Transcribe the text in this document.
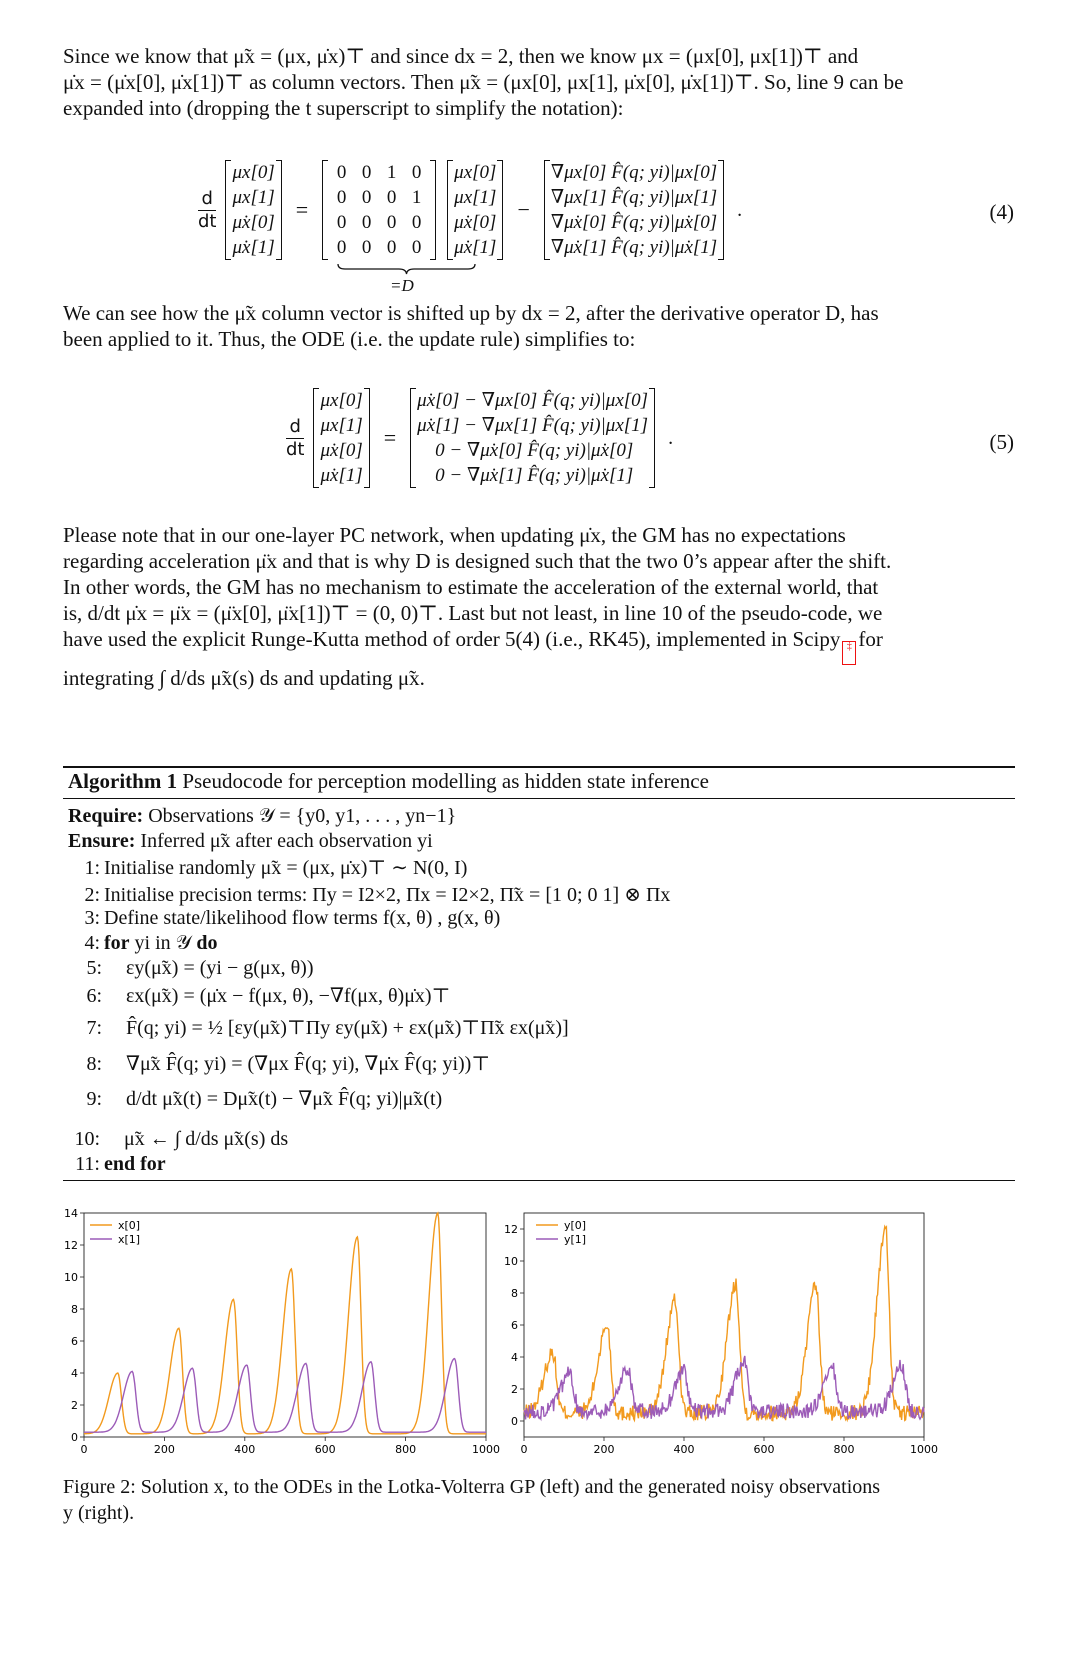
Since we know that μ̃x = (μx, μ̇x)⊤ and since dx = 2, then we know μx = (μx[0], μx[1])⊤ and
μ̇x = (μ̇x[0], μ̇x[1])⊤ as column vectors. Then μ̃x = (μx[0], μx[1], μ̇x[0], μ̇x[1])⊤. So, line 9 can be
expanded into (dropping the t superscript to simplify the notation):

$\frac{d}{dt}$

μx[0]
μx[1]
μ̇x[0]
μ̇x[1]
=
0 0 1 0
0 0 0 1
0 0 0 0
0 0 0 0

μx[0]
μx[1]
μ̇x[0]
μ̇x[1]
−
∇μx[0] F̂(q; yi)|μx[0]
∇μx[1] F̂(q; yi)|μx[1]
∇μ̇x[0] F̂(q; yi)|μ̇x[0]
∇μ̇x[1] F̂(q; yi)|μ̇x[1]
.
=D
(4)

We can see how the μ̃x column vector is shifted up by dx = 2, after the derivative operator D, has
been applied to it. Thus, the ODE (i.e. the update rule) simplifies to:

$\frac{d}{dt}$

μx[0]
μx[1]
μ̇x[0]
μ̇x[1]
=
μ̇x[0] − ∇μx[0] F̂(q; yi)|μx[0]
μ̇x[1] − ∇μx[1] F̂(q; yi)|μx[1]
0 − ∇μ̇x[0] F̂(q; yi)|μ̇x[0]
0 − ∇μ̇x[1] F̂(q; yi)|μ̇x[1]
.	(5)

Please note that in our one-layer PC network, when updating μ̇x, the GM has no expectations
regarding acceleration μ̈x and that is why D is designed such that the two 0’s appear after the shift.
In other words, the GM has no mechanism to estimate the acceleration of the external world, that
is, d/dt μ̇x = μ̈x = (μ̈x[0], μ̈x[1])⊤ = (0, 0)⊤. Last but not least, in line 10 of the pseudo-code, we
have used the explicit Runge-Kutta method of order 5(4) (i.e., RK45), implemented in Scipy ‡ for
integrating ∫ d/ds μ̃x(s) ds and updating μ̃x.

Algorithm 1 Pseudocode for perception modelling as hidden state inference
Require: Observations 𝒴 = {y0, y1, . . . , yn−1}
Ensure: Inferred μ̃x after each observation yi
1: Initialise randomly μ̃x = (μx, μ̇x)⊤ ∼ N(0, I)
2: Initialise precision terms: Πy = I2×2, Πx = I2×2, Π̃x = [1 0; 0 1] ⊗ Πx
3: Define state/likelihood flow terms f(x, θ) , g(x, θ)
4: for yi in 𝒴 do
5: εy(μ̃x) = (yi − g(μx, θ))
6: εx(μ̃x) = (μ̇x − f(μx, θ), −∇f(μx, θ)μ̇x)⊤
7: F̂(q; yi) = ½ [εy(μ̃x)⊤Πy εy(μ̃x) + εx(μ̃x)⊤Π̃x εx(μ̃x)]
8: ∇μ̃x F̂(q; yi) = (∇μx F̂(q; yi), ∇μ̇x F̂(q; yi))⊤
9: d/dt μ̃x(t) = Dμ̃x(t) − ∇μ̃x F̂(q; yi)|μ̃x(t)
10: μ̃x ← ∫ d/ds μ̃x(s) ds
11: end for
0	200	400	600	800	1000
0
2
4
6
8
10
12
14
x[0]
x[1]
0	200	400	600	800	1000
0
2
4
6
8
10
12	y[0]
y[1]
Figure 2: Solution x, to the ODEs in the Lotka-Volterra GP (left) and the generated noisy observations
y (right).
